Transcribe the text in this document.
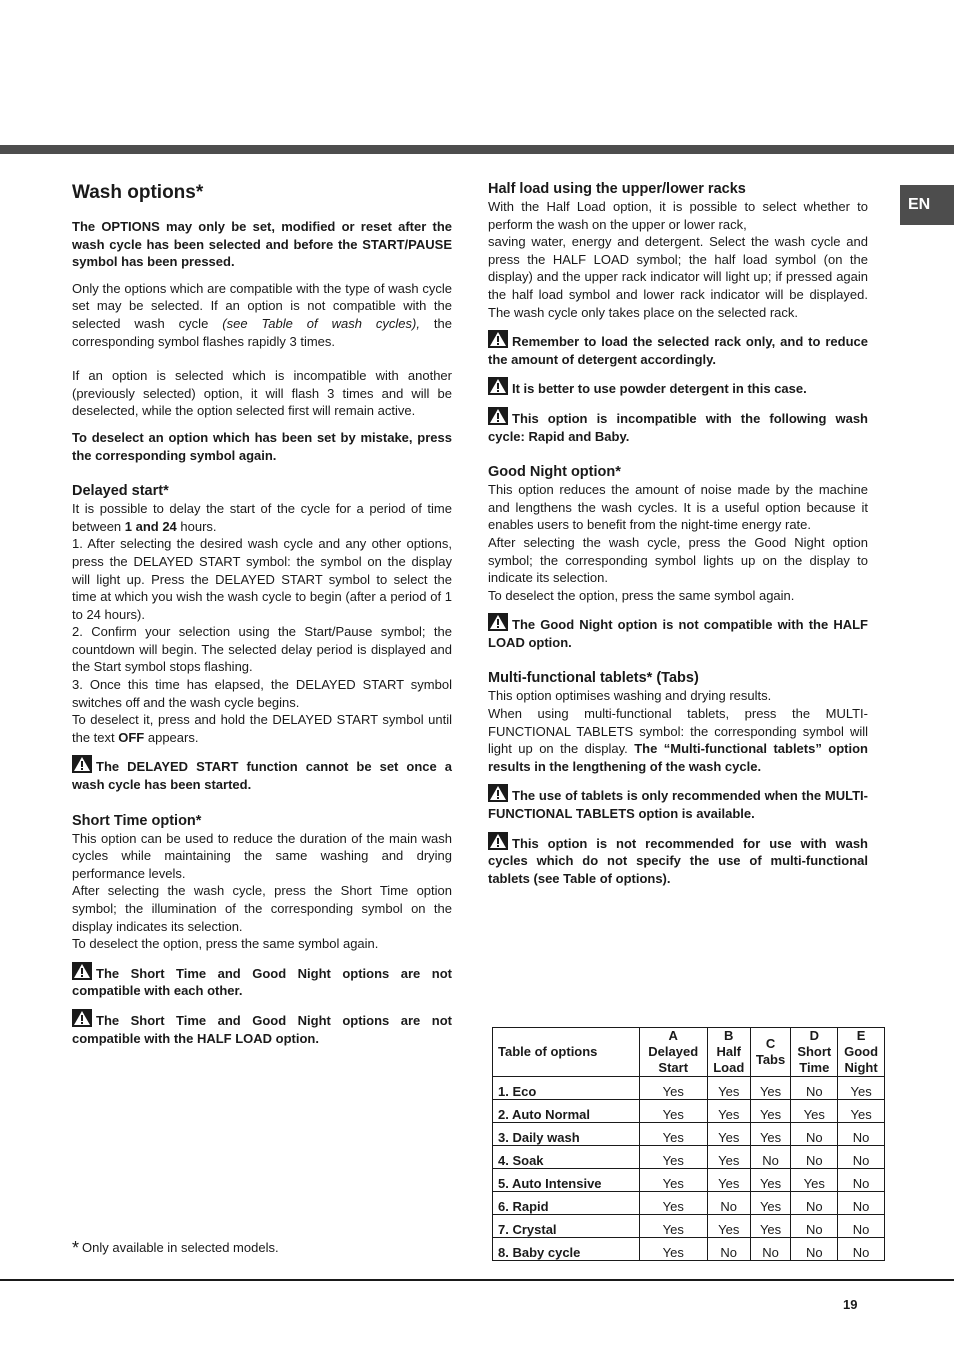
EN
Wash options*

The OPTIONS may only be set, modified or reset after the wash cycle has been selected and before the START/PAUSE symbol has been pressed.

Only the options which are compatible with the type of wash cycle set may be selected. If an option is not compatible with the selected wash cycle (see Table of wash cycles), the corresponding symbol flashes rapidly 3 times.

If an option is selected which is incompatible with another (previously selected) option, it will flash 3 times and will be deselected, while the option selected first will remain active.

To deselect an option which has been set by mistake, press the corresponding symbol again.

Delayed start*

It is possible to delay the start of the cycle for a period of time between 1 and 24 hours.

1. After selecting the desired wash cycle and any other options, press the DELAYED START symbol: the symbol on the display will light up. Press the DELAYED START symbol to select the time at which you wish the wash cycle to begin (after a period of 1 to 24 hours).

2. Confirm your selection using the Start/Pause symbol; the countdown will begin. The selected delay period is displayed and the Start symbol stops flashing.

3. Once this time has elapsed, the DELAYED START symbol switches off and the wash cycle begins.

To deselect it, press and hold the DELAYED START symbol until the text OFF appears.

The DELAYED START function cannot be set once a wash cycle has been started.

Short Time option*

This option can be used to reduce the duration of the main wash cycles while maintaining the same washing and drying performance levels.

After selecting the wash cycle, press the Short Time option symbol; the illumination of the corresponding symbol on the display indicates its selection.

To deselect the option, press the same symbol again.

The Short Time and Good Night options are not compatible with each other.

The Short Time and Good Night options are not compatible with the HALF LOAD option.

Half load using the upper/lower racks

With the Half Load option, it is possible to select whether to perform the wash on the upper or lower rack,

saving water, energy and detergent. Select the wash cycle and press the HALF LOAD symbol; the half load symbol (on the display) and the upper rack indicator will light up; if pressed again the half load symbol and lower rack indicator will be displayed. The wash cycle only takes place on the selected rack.

Remember to load the selected rack only, and to reduce the amount of detergent accordingly.

It is better to use powder detergent in this case.

This option is incompatible with the following wash cycle: Rapid and Baby.

Good Night option*

This option reduces the amount of noise made by the machine and lengthens the wash cycles. It is a useful option because it enables users to benefit from the night-time energy rate.

After selecting the wash cycle, press the Good Night option symbol; the corresponding symbol lights up on the display to indicate its selection.

To deselect the option, press the same symbol again.

The Good Night option is not compatible with the HALF LOAD option.

Multi-functional tablets* (Tabs)

This option optimises washing and drying results.

When using multi-functional tablets, press the MULTI-FUNCTIONAL TABLETS symbol: the corresponding symbol will light up on the display. The “Multi-functional tablets” option results in the lengthening of the wash cycle.

The use of tablets is only recommended when the MULTI-FUNCTIONAL TABLETS option is available.

This option is not recommended for use with wash cycles which do not specify the use of multi-functional tablets (see Table of options).

Table of options	A
Delayed
Start	B
Half
Load	C
Tabs	D
Short
Time	E
Good
Night

1. Eco	Yes	Yes	Yes	No	Yes
2. Auto Normal	Yes	Yes	Yes	Yes	Yes
3. Daily wash	Yes	Yes	Yes	No	No
4. Soak	Yes	Yes	No	No	No
5. Auto Intensive	Yes	Yes	Yes	Yes	No
6. Rapid	Yes	No	Yes	No	No
7. Crystal	Yes	Yes	Yes	No	No
8. Baby cycle	Yes	No	No	No	No
* Only available in selected models.
19
